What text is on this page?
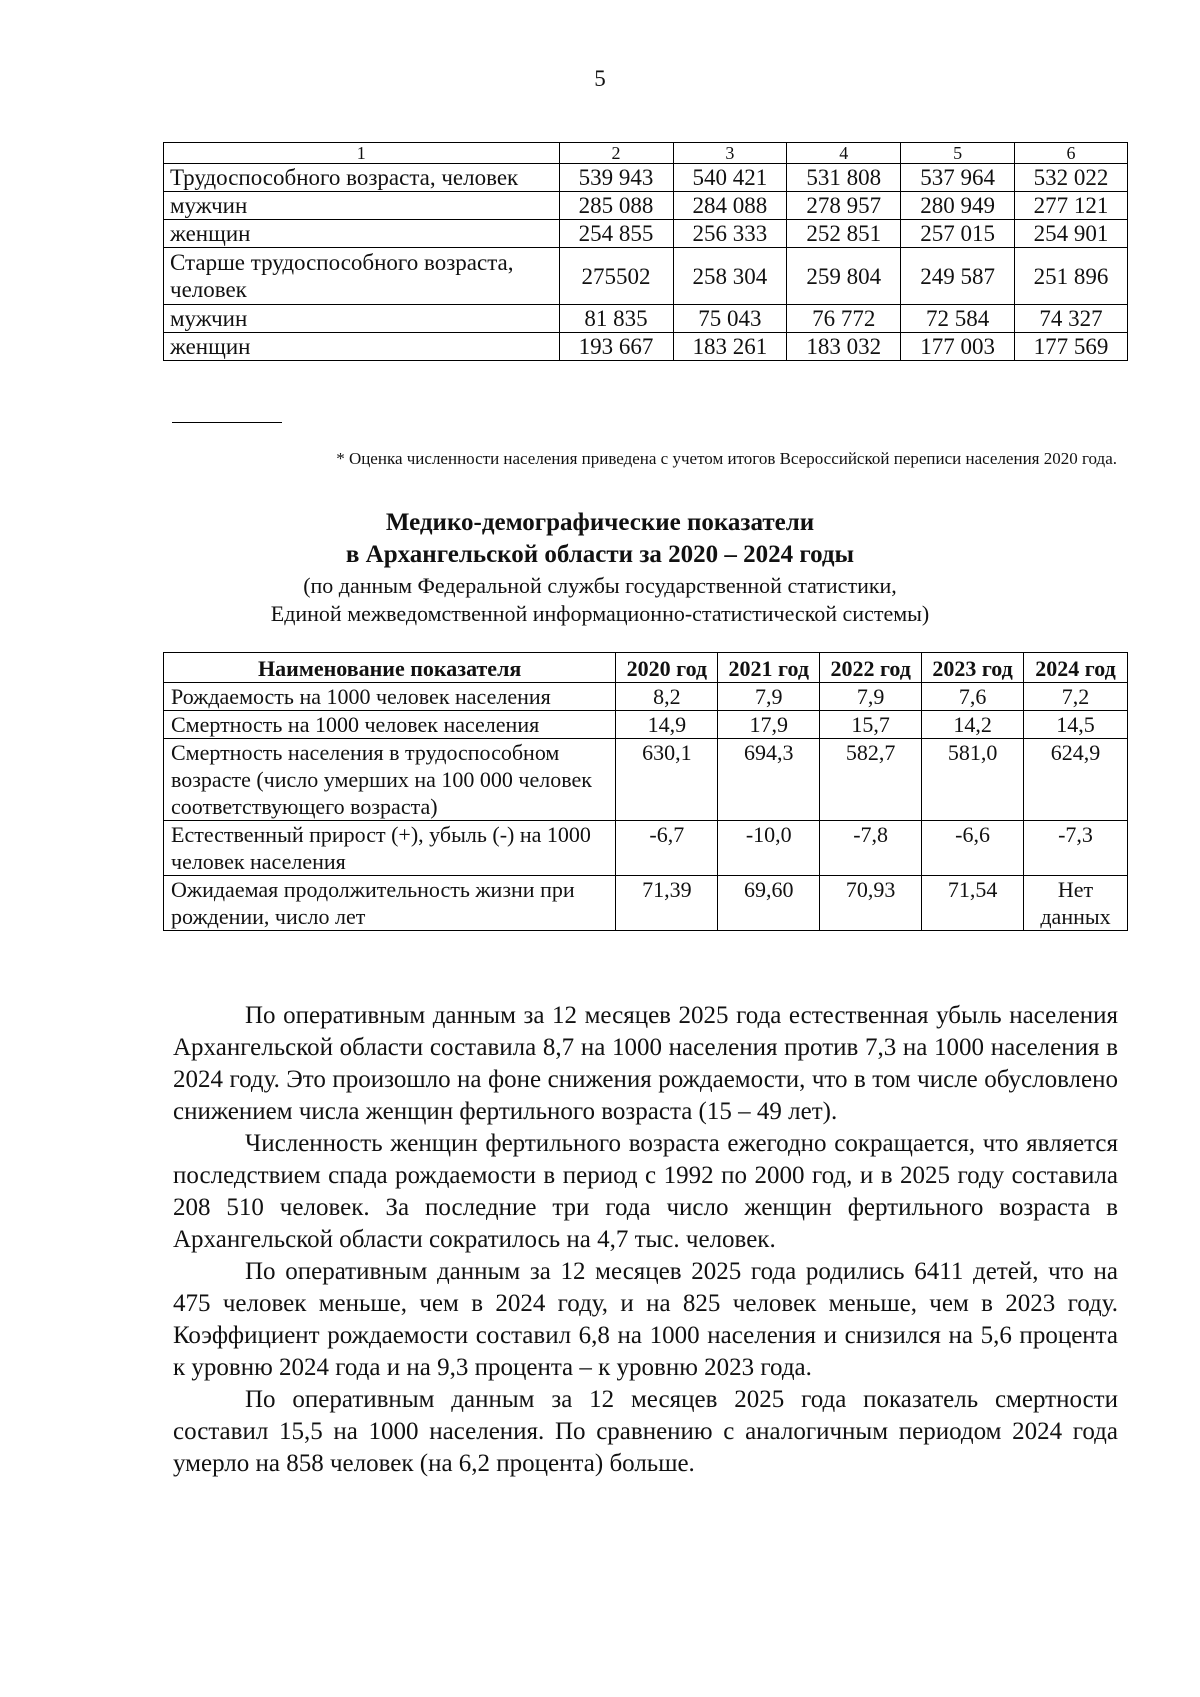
5
1	2	3	4	5	6
Трудоспособного возраста, человек	539 943	540 421	531 808	537 964	532 022
мужчин	285 088	284 088	278 957	280 949	277 121
женщин	254 855	256 333	252 851	257 015	254 901
Старше трудоспособного возраста, человек	275502	258 304	259 804	249 587	251 896
мужчин	81 835	75 043	76 772	72 584	74 327
женщин	193 667	183 261	183 032	177 003	177 569
* Оценка численности населения приведена с учетом итогов Всероссийской переписи населения 2020 года.
Медико-демографические показатели
в Архангельской области за 2020 – 2024 годы
(по данным Федеральной службы государственной статистики,
Единой межведомственной информационно-статистической системы)
Наименование показателя	2020 год	2021 год	2022 год	2023 год	2024 год
Рождаемость на 1000 человек населения	8,2	7,9	7,9	7,6	7,2
Смертность на 1000 человек населения	14,9	17,9	15,7	14,2	14,5
Смертность населения в трудоспособном возрасте (число умерших на 100 000 человек соответствующего возраста)	630,1	694,3	582,7	581,0	624,9
Естественный прирост (+), убыль (-) на 1000 человек населения	-6,7	-10,0	-7,8	-6,6	-7,3
Ожидаемая продолжительность жизни при рождении, число лет	71,39	69,60	70,93	71,54	Нет данных

По оперативным данным за 12 месяцев 2025 года естественная убыль населения Архангельской области составила 8,7 на 1000 населения против 7,3 на 1000 населения в 2024 году. Это произошло на фоне снижения рождаемости, что в том числе обусловлено снижением числа женщин фертильного возраста (15 – 49 лет).

Численность женщин фертильного возраста ежегодно сокращается, что является последствием спада рождаемости в период с 1992 по 2000 год, и в 2025 году составила 208 510 человек. За последние три года число женщин фертильного возраста в Архангельской области сократилось на 4,7 тыс. человек.

По оперативным данным за 12 месяцев 2025 года родились 6411 детей, что на 475 человек меньше, чем в 2024 году, и на 825 человек меньше, чем в 2023 году. Коэффициент рождаемости составил 6,8 на 1000 населения и снизился на 5,6 процента к уровню 2024 года и на 9,3 процента – к уровню 2023 года.

По оперативным данным за 12 месяцев 2025 года показатель смертности составил 15,5 на 1000 населения. По сравнению с аналогичным периодом 2024 года умерло на 858 человек (на 6,2 процента) больше.
